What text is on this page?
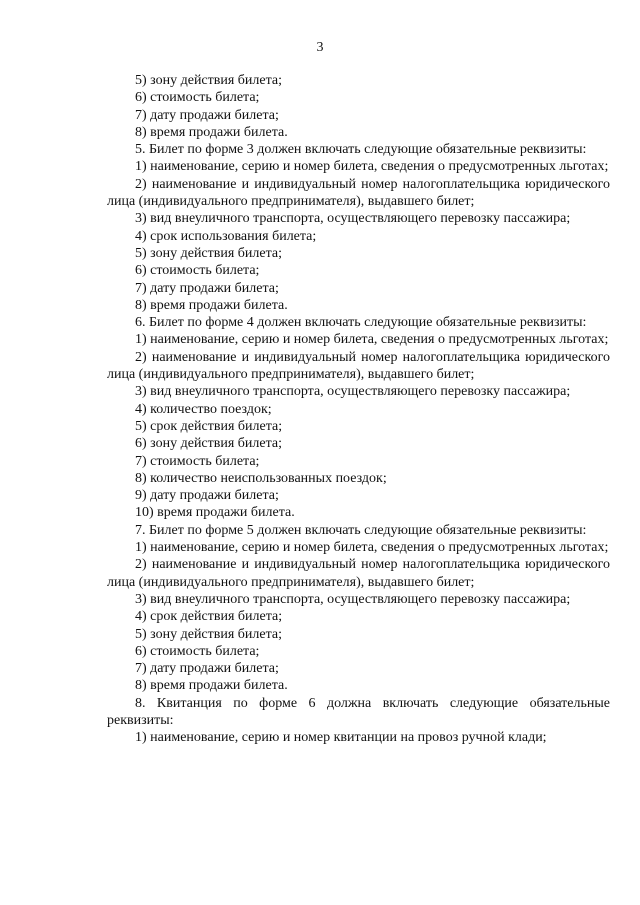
3

5) зону действия билета;

6) стоимость билета;

7) дату продажи билета;

8) время продажи билета.

5. Билет по форме 3 должен включать следующие обязательные реквизиты:

1) наименование, серию и номер билета, сведения о предусмотренных льготах;

2) наименование и индивидуальный номер налогоплательщика юридического лица (индивидуального предпринимателя), выдавшего билет;

3) вид внеуличного транспорта, осуществляющего перевозку пассажира;

4) срок использования билета;

5) зону действия билета;

6) стоимость билета;

7) дату продажи билета;

8) время продажи билета.

6. Билет по форме 4 должен включать следующие обязательные реквизиты:

1) наименование, серию и номер билета, сведения о предусмотренных льготах;

2) наименование и индивидуальный номер налогоплательщика юридического лица (индивидуального предпринимателя), выдавшего билет;

3) вид внеуличного транспорта, осуществляющего перевозку пассажира;

4) количество поездок;

5) срок действия билета;

6) зону действия билета;

7) стоимость билета;

8) количество неиспользованных поездок;

9) дату продажи билета;

10) время продажи билета.

7. Билет по форме 5 должен включать следующие обязательные реквизиты:

1) наименование, серию и номер билета, сведения о предусмотренных льготах;

2) наименование и индивидуальный номер налогоплательщика юридического лица (индивидуального предпринимателя), выдавшего билет;

3) вид внеуличного транспорта, осуществляющего перевозку пассажира;

4) срок действия билета;

5) зону действия билета;

6) стоимость билета;

7) дату продажи билета;

8) время продажи билета.

8. Квитанция по форме 6 должна включать следующие обязательные реквизиты:

1) наименование, серию и номер квитанции на провоз ручной клади;
